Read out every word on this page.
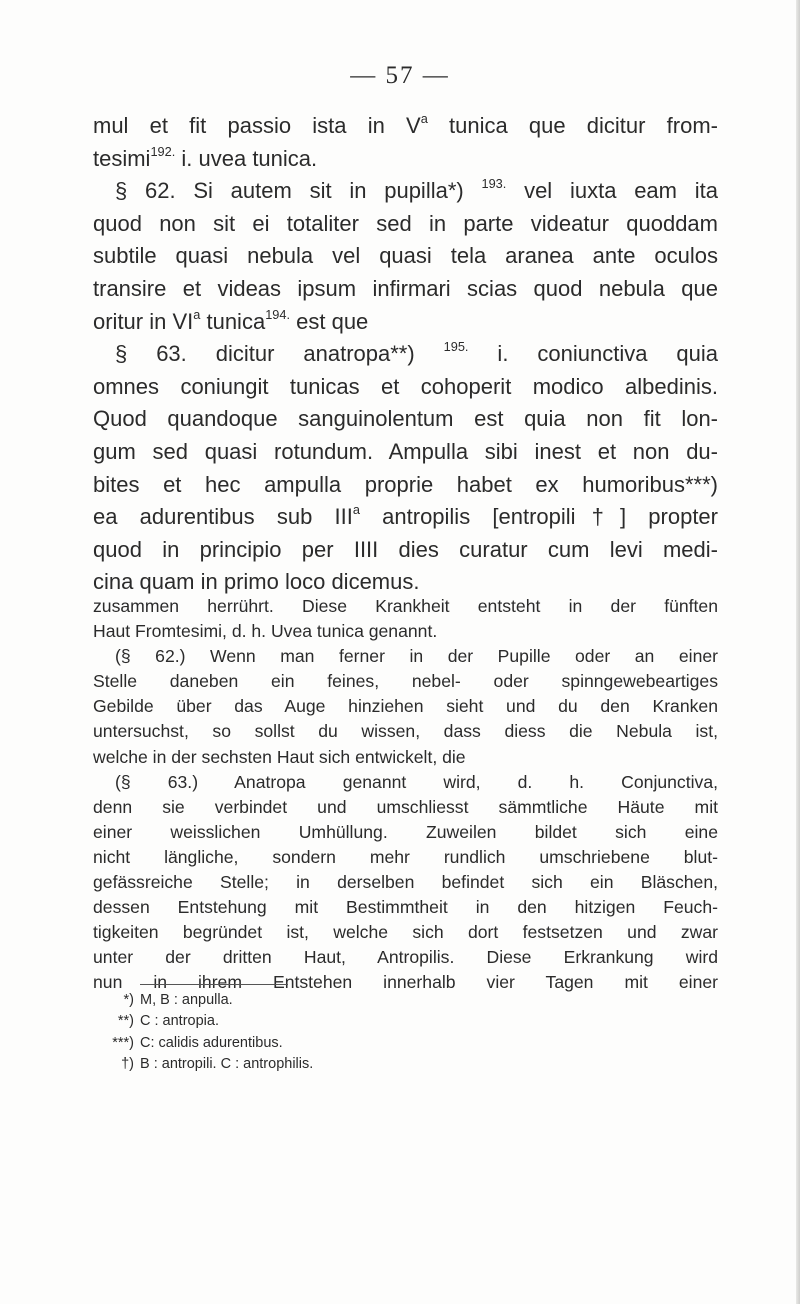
— 57 —

mul et fit passio ista in $V^a$ tunica que dicitur from-

tesimi$^{192.}$ i. uvea tunica.

§ 62. Si autem sit in pupilla*) $^{193.}$ vel iuxta eam ita

quod non sit ei totaliter sed in parte videatur quoddam

subtile quasi nebula vel quasi tela aranea ante oculos

transire et videas ipsum infirmari scias quod nebula que

oritur in $VI^a$ tunica$^{194.}$ est que

§ 63. dicitur anatropa**) $^{195.}$ i. coniunctiva quia

omnes coniungit tunicas et cohoperit modico albedinis.

Quod quandoque sanguinolentum est quia non fit lon-

gum sed quasi rotundum. Ampulla sibi inest et non du-

bites et hec ampulla proprie habet ex humoribus***)

ea adurentibus sub III$^a$ antropilis [entropili†] propter

quod in principio per IIII dies curatur cum levi medi-

cina quam in primo loco dicemus.

zusammen herrührt. Diese Krankheit entsteht in der fünften

Haut Fromtesimi, d. h. Uvea tunica genannt.

(§ 62.) Wenn man ferner in der Pupille oder an einer

Stelle daneben ein feines, nebel- oder spinngewebeartiges

Gebilde über das Auge hinziehen sieht und du den Kranken

untersuchst, so sollst du wissen, dass diess die Nebula ist,

welche in der sechsten Haut sich entwickelt, die

(§ 63.) Anatropa genannt wird, d. h. Conjunctiva,

denn sie verbindet und umschliesst sämmtliche Häute mit

einer weisslichen Umhüllung. Zuweilen bildet sich eine

nicht längliche, sondern mehr rundlich umschriebene blut-

gefässreiche Stelle; in derselben befindet sich ein Bläschen,

dessen Entstehung mit Bestimmtheit in den hitzigen Feuch-

tigkeiten begründet ist, welche sich dort festsetzen und zwar

unter der dritten Haut, Antropilis. Diese Erkrankung wird

nun in ihrem Entstehen innerhalb vier Tagen mit einer

*) M, B : anpulla.
**) C : antropia.
***) C: calidis adurentibus.
†) B : antropili. C : antrophilis.
